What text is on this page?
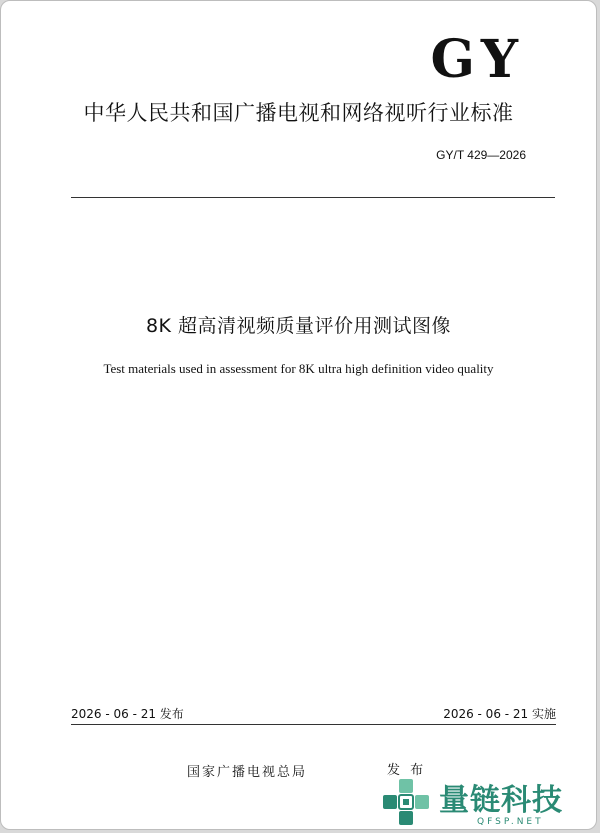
GY
中华人民共和国广播电视和网络视听行业标准
GY/T 429—2026
8K 超高清视频质量评价用测试图像
Test materials used in assessment for 8K ultra high definition video quality
2026 - 06 - 21 发布	2026 - 06 - 21 实施
国家广播电视总局	发 布
量链科技
QFSP.NET
